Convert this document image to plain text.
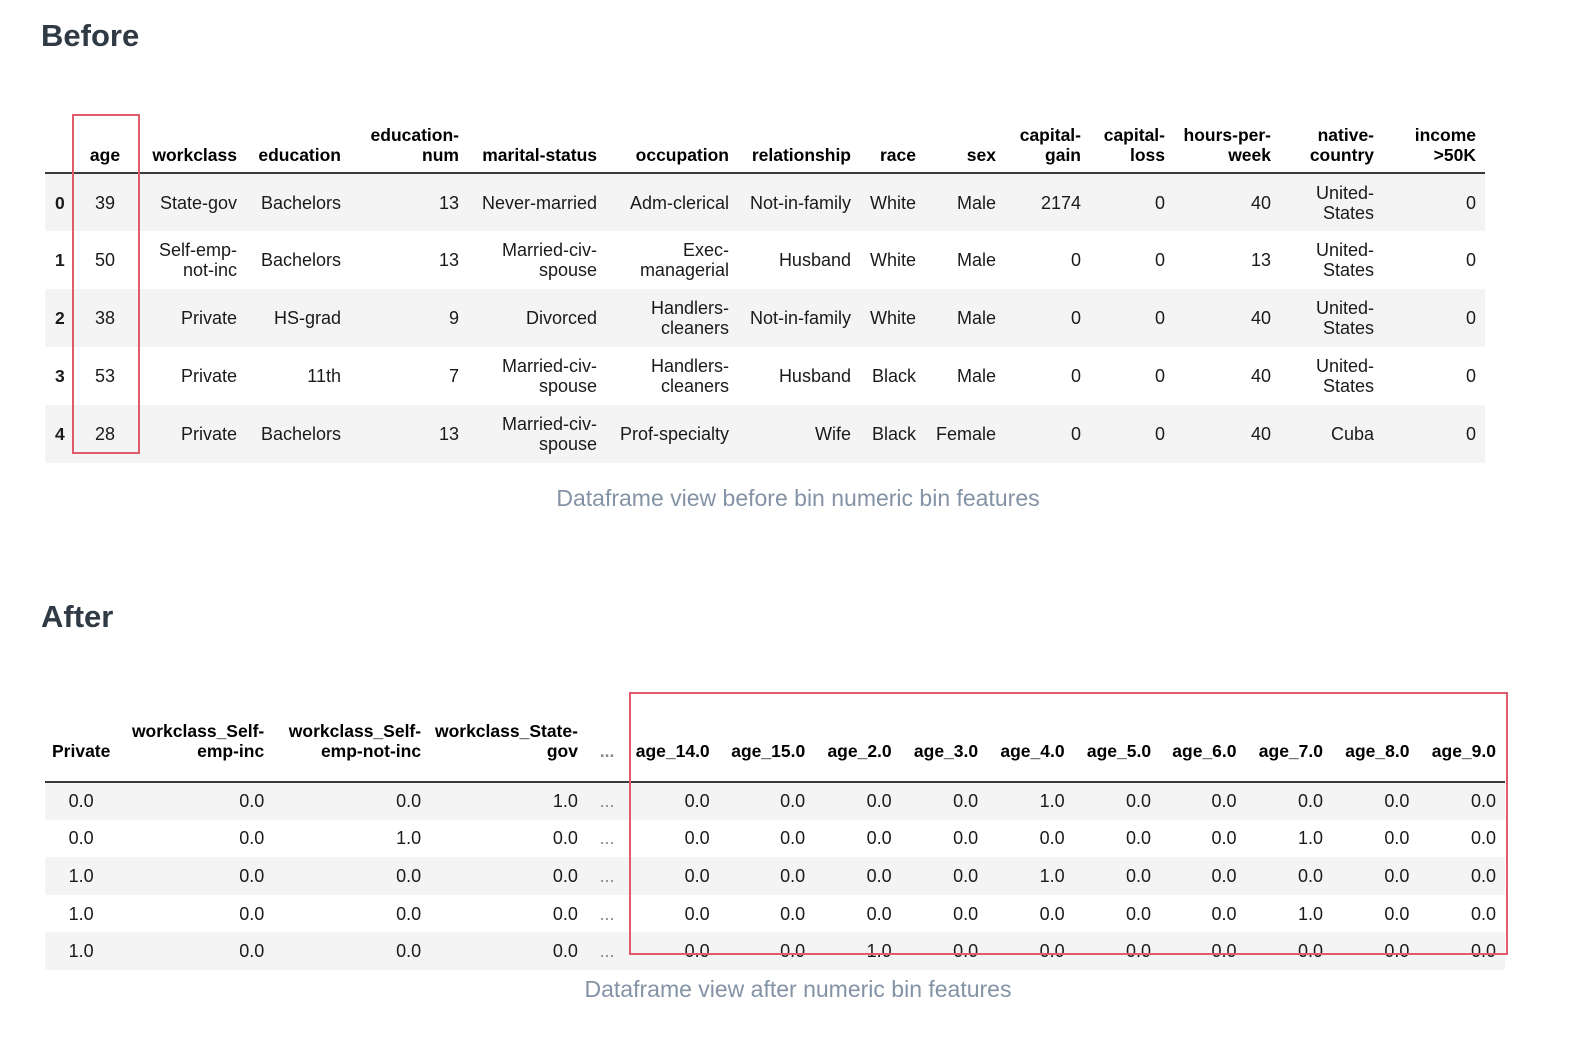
Before
	age	workclass	education	education-num	marital-status	occupation	relationship	race	sex	capital-gain	capital-loss	hours-per-week	native-country	income >50K
0	39	State-gov	Bachelors	13	Never-married	Adm-clerical	Not-in-family	White	Male	2174	0	40	United-States	0
1	50	Self-emp-not-inc	Bachelors	13	Married-civ-spouse	Exec-managerial	Husband	White	Male	0	0	13	United-States	0
2	38	Private	HS-grad	9	Divorced	Handlers-cleaners	Not-in-family	White	Male	0	0	40	United-States	0
3	53	Private	11th	7	Married-civ-spouse	Handlers-cleaners	Husband	Black	Male	0	0	40	United-States	0
4	28	Private	Bachelors	13	Married-civ-spouse	Prof-specialty	Wife	Black	Female	0	0	40	Cuba	0

Dataframe view before bin numeric bin features

After
Private	workclass_Self-emp-inc	workclass_Self-emp-not-inc	workclass_State-gov	...	age_14.0	age_15.0	age_2.0	age_3.0	age_4.0	age_5.0	age_6.0	age_7.0	age_8.0	age_9.0
0.0	0.0	0.0	1.0	...	0.0	0.0	0.0	0.0	1.0	0.0	0.0	0.0	0.0	0.0
0.0	0.0	1.0	0.0	...	0.0	0.0	0.0	0.0	0.0	0.0	0.0	1.0	0.0	0.0
1.0	0.0	0.0	0.0	...	0.0	0.0	0.0	0.0	1.0	0.0	0.0	0.0	0.0	0.0
1.0	0.0	0.0	0.0	...	0.0	0.0	0.0	0.0	0.0	0.0	0.0	1.0	0.0	0.0
1.0	0.0	0.0	0.0	...	0.0	0.0	1.0	0.0	0.0	0.0	0.0	0.0	0.0	0.0

Dataframe view after numeric bin features
